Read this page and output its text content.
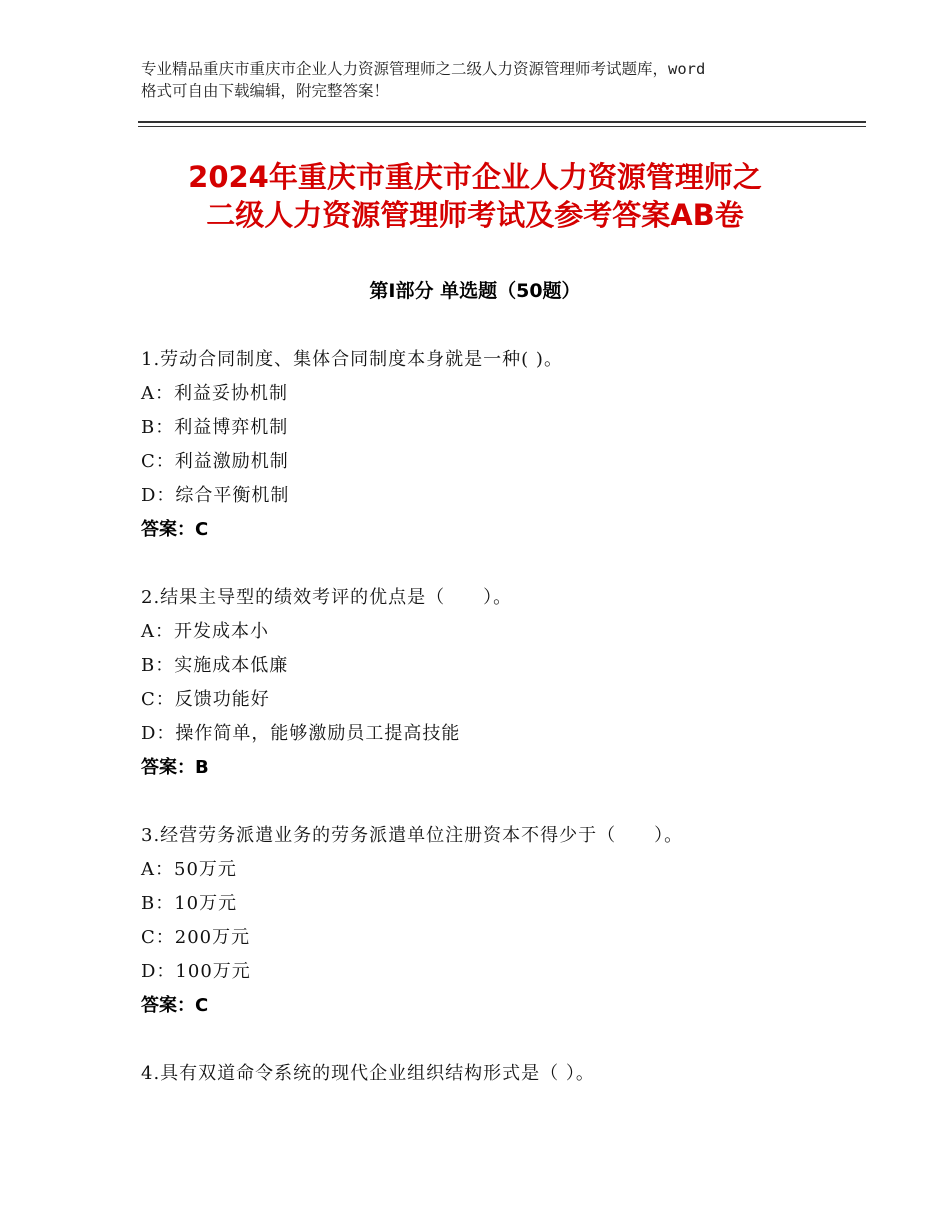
专业精品重庆市重庆市企业人力资源管理师之二级人力资源管理师考试题库，word
格式可自由下载编辑，附完整答案！
2024年重庆市重庆市企业人力资源管理师之
二级人力资源管理师考试及参考答案AB卷
第Ⅰ部分 单选题（50题）
1.劳动合同制度、集体合同制度本身就是一种( )。
A：利益妥协机制
B：利益博弈机制
C：利益激励机制
D：综合平衡机制
答案：C
2.结果主导型的绩效考评的优点是（　　）。
A：开发成本小
B：实施成本低廉
C：反馈功能好
D：操作简单，能够激励员工提高技能
答案：B
3.经营劳务派遣业务的劳务派遣单位注册资本不得少于（　　）。
A：50万元
B：10万元
C：200万元
D：100万元
答案：C
4.具有双道命令系统的现代企业组织结构形式是（ ）。
